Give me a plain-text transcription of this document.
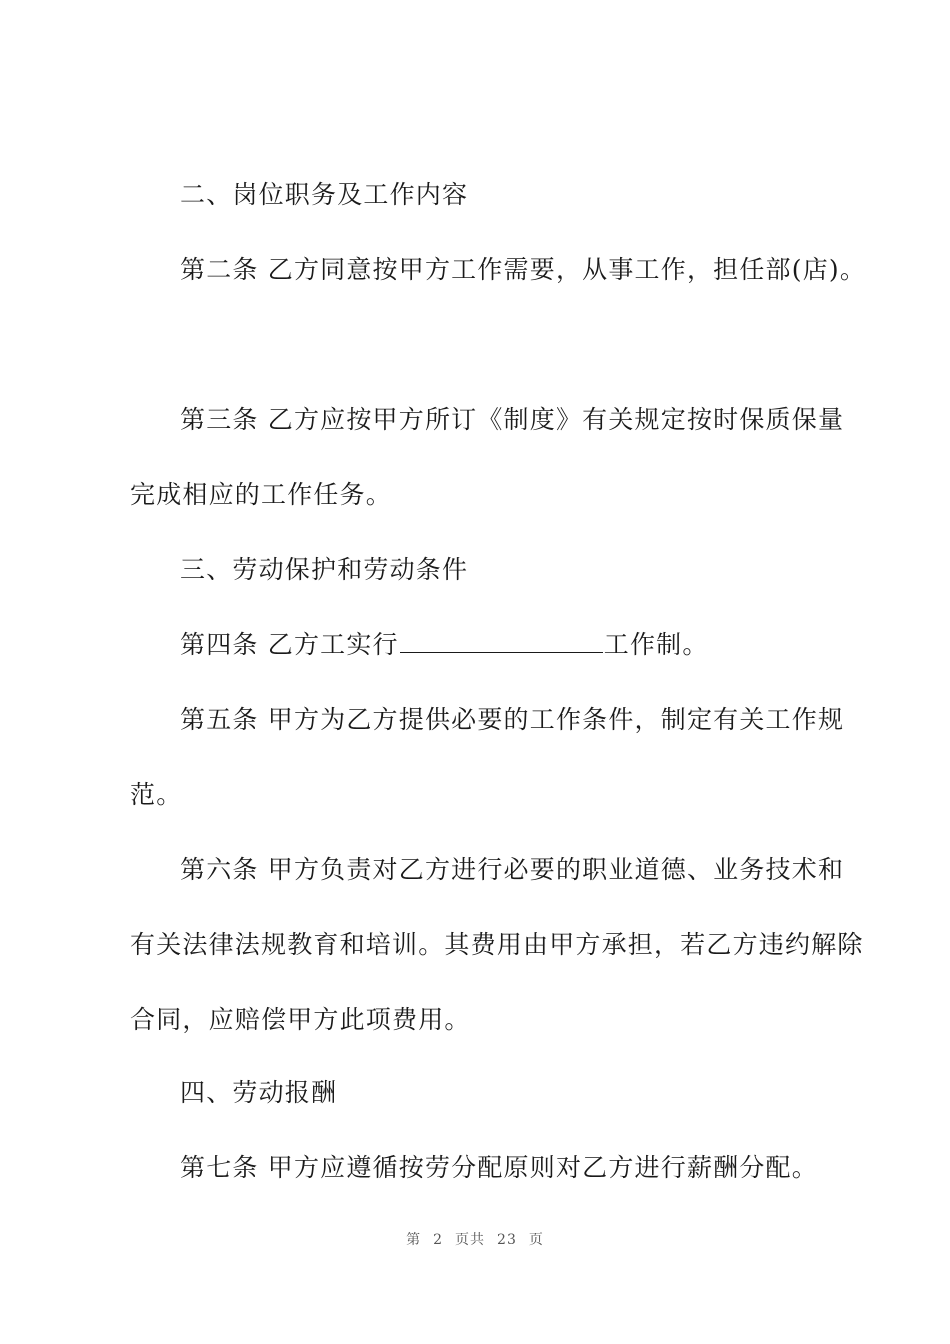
二、岗位职务及工作内容
第二条 乙方同意按甲方工作需要，从事工作，担任部(店)。
第三条 乙方应按甲方所订《制度》有关规定按时保质保量
完成相应的工作任务。
三、劳动保护和劳动条件
第四条 乙方工实行	工作制。
第五条 甲方为乙方提供必要的工作条件，制定有关工作规
范。
第六条 甲方负责对乙方进行必要的职业道德、业务技术和
有关法律法规教育和培训。其费用由甲方承担，若乙方违约解除
合同，应赔偿甲方此项费用。
四、劳动报酬
第七条 甲方应遵循按劳分配原则对乙方进行薪酬分配。
第 2 页共 23 页
